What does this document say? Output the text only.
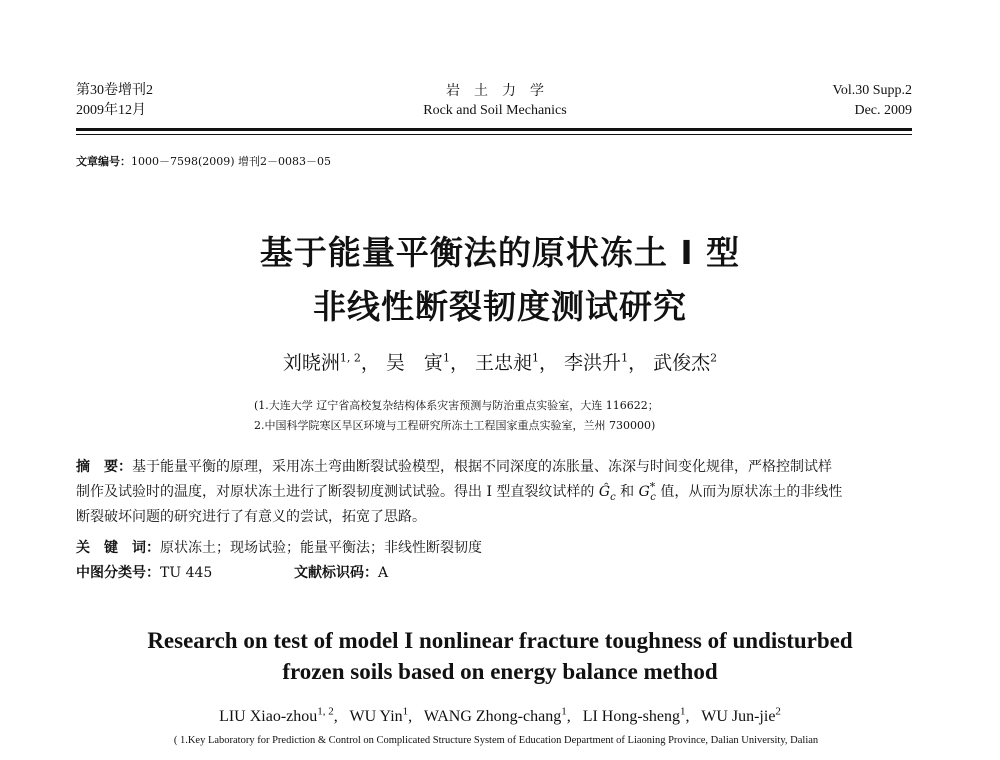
第30卷增刊2
2009年12月
岩　土　力　学
Rock and Soil Mechanics
Vol.30 Supp.2
Dec. 2009
文章编号：1000－7598(2009) 增刊2－0083－05
基于能量平衡法的原状冻土 I 型
非线性断裂韧度测试研究
刘晓洲$^{1, 2}$， 吴　寅$^1$， 王忠昶$^1$， 李洪升$^1$， 武俊杰$^2$
(1.大连大学 辽宁省高校复杂结构体系灾害预测与防治重点实验室，大连 116622；
2.中国科学院寒区旱区环境与工程研究所冻土工程国家重点实验室，兰州 730000)
摘　要：基于能量平衡的原理，采用冻土弯曲断裂试验模型，根据不同深度的冻胀量、冻深与时间变化规律，严格控制试样
制作及试验时的温度，对原状冻土进行了断裂韧度测试试验。得出 I 型直裂纹试样的 $Ĝ_c$ 和 $G^*_c$ 值，从而为原状冻土的非线性
断裂破坏问题的研究进行了有意义的尝试，拓宽了思路。
关　键　词：原状冻土；现场试验；能量平衡法；非线性断裂韧度
中图分类号：TU 445	文献标识码：A
Research on test of model I nonlinear fracture toughness of undisturbed
frozen soils based on energy balance method
LIU Xiao-zhou$^{1, 2}$,   WU Yin$^1$,   WANG Zhong-chang$^1$,   LI Hong-sheng$^1$,   WU Jun-jie$^2$
( 1.Key Laboratory for Prediction & Control on Complicated Structure System of Education Department of Liaoning Province, Dalian University, Dalian
